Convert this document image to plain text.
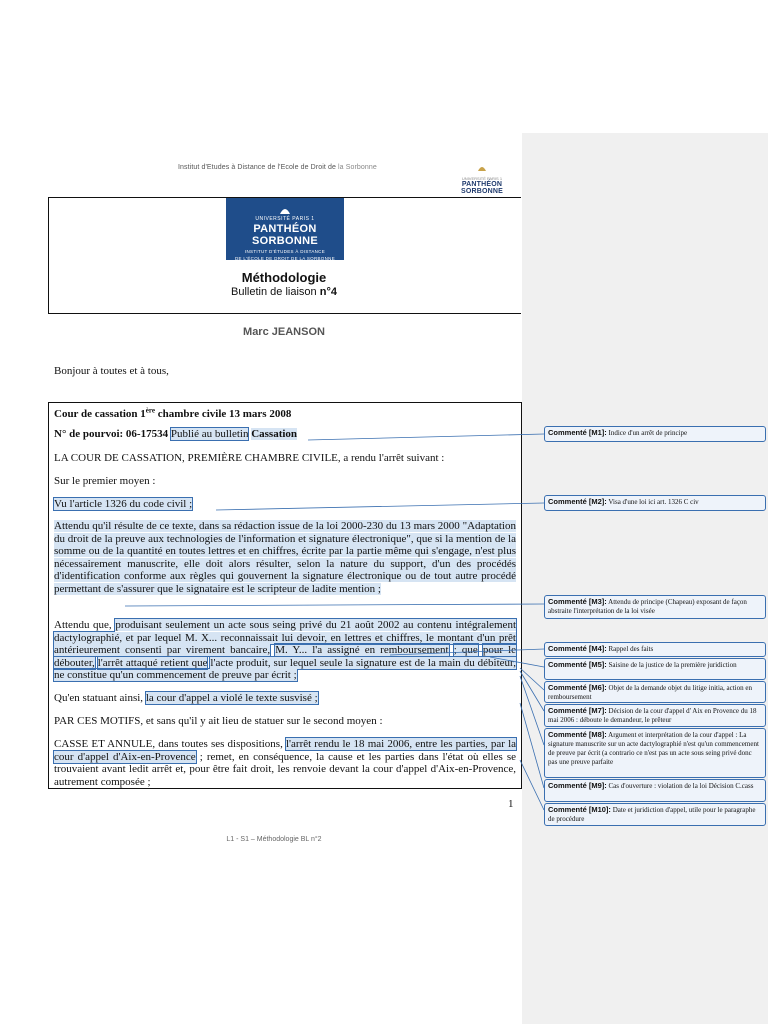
Institut d'Etudes à Distance de l'Ecole de Droit de la Sorbonne
UNIVERSITÉ PARIS 1
PANTHÉON SORBONNE
UNIVERSITÉ PARIS 1
PANTHÉON SORBONNE
INSTITUT D'ÉTUDES À DISTANCE
DE L'ÉCOLE DE DROIT DE LA SORBONNE
Méthodologie
Bulletin de liaison n°4
Marc JEANSON
Bonjour à toutes et à tous,
Cour de cassation 1ère chambre civile 13 mars 2008
N° de pourvoi: 06-17534 Publié au bulletin Cassation
LA COUR DE CASSATION, PREMIÈRE CHAMBRE CIVILE, a rendu l'arrêt suivant :
Sur le premier moyen :
Vu l'article 1326 du code civil ;
Attendu qu'il résulte de ce texte, dans sa rédaction issue de la loi 2000-230 du 13 mars 2000 "Adaptation du droit de la preuve aux technologies de l'information et signature électronique", que si la mention de la somme ou de la quantité en toutes lettres et en chiffres, écrite par la partie même qui s'engage, n'est plus nécessairement manuscrite, elle doit alors résulter, selon la nature du support, d'un des procédés d'identification conforme aux règles qui gouvernent la signature électronique ou de tout autre procédé permettant de s'assurer que le signataire est le scripteur de ladite mention ;
Attendu que, produisant seulement un acte sous seing privé du 21 août 2002 au contenu intégralement dactylographié, et par lequel M. X... reconnaissait lui devoir, en lettres et chiffres, le montant d'un prêt antérieurement consenti par virement bancaire, M. Y... l'a assigné en remboursement ; que pour le débouter, l'arrêt attaqué retient que l'acte produit, sur lequel seule la signature est de la main du débiteur, ne constitue qu'un commencement de preuve par écrit ;
Qu'en statuant ainsi, la cour d'appel a violé le texte susvisé ;
PAR CES MOTIFS, et sans qu'il y ait lieu de statuer sur le second moyen :
CASSE ET ANNULE, dans toutes ses dispositions, l'arrêt rendu le 18 mai 2006, entre les parties, par la cour d'appel d'Aix-en-Provence ; remet, en conséquence, la cause et les parties dans l'état où elles se trouvaient avant ledit arrêt et, pour être fait droit, les renvoie devant la cour d'appel d'Aix-en-Provence, autrement composée ;
1
L1 - S1 – Méthodologie BL n°2
Commenté [M1]: Indice d'un arrêt de principe
Commenté [M2]: Visa d'une loi ici art. 1326 C civ
Commenté [M3]: Attendu de principe (Chapeau) exposant de façon abstraite l'interprétation de la loi visée
Commenté [M4]: Rappel des faits
Commenté [M5]: Saisine de la justice de la première juridiction
Commenté [M6]: Objet de la demande objet du litige initia, action en remboursement
Commenté [M7]: Décision de la cour d'appel d' Aix en Provence du 18 mai 2006 : déboute le demandeur, le prêteur
Commenté [M8]: Argument et interprétation de la cour d'appel : La signature manuscrite sur un acte dactylographié n'est qu'un commencement de preuve par écrit (a contrario ce n'est pas un acte sous seing privé donc pas une preuve parfaite
Commenté [M9]: Cas d'ouverture : violation de la loi Décision C.cass
Commenté [M10]: Date et juridiction d'appel, utile pour le paragraphe de procédure
